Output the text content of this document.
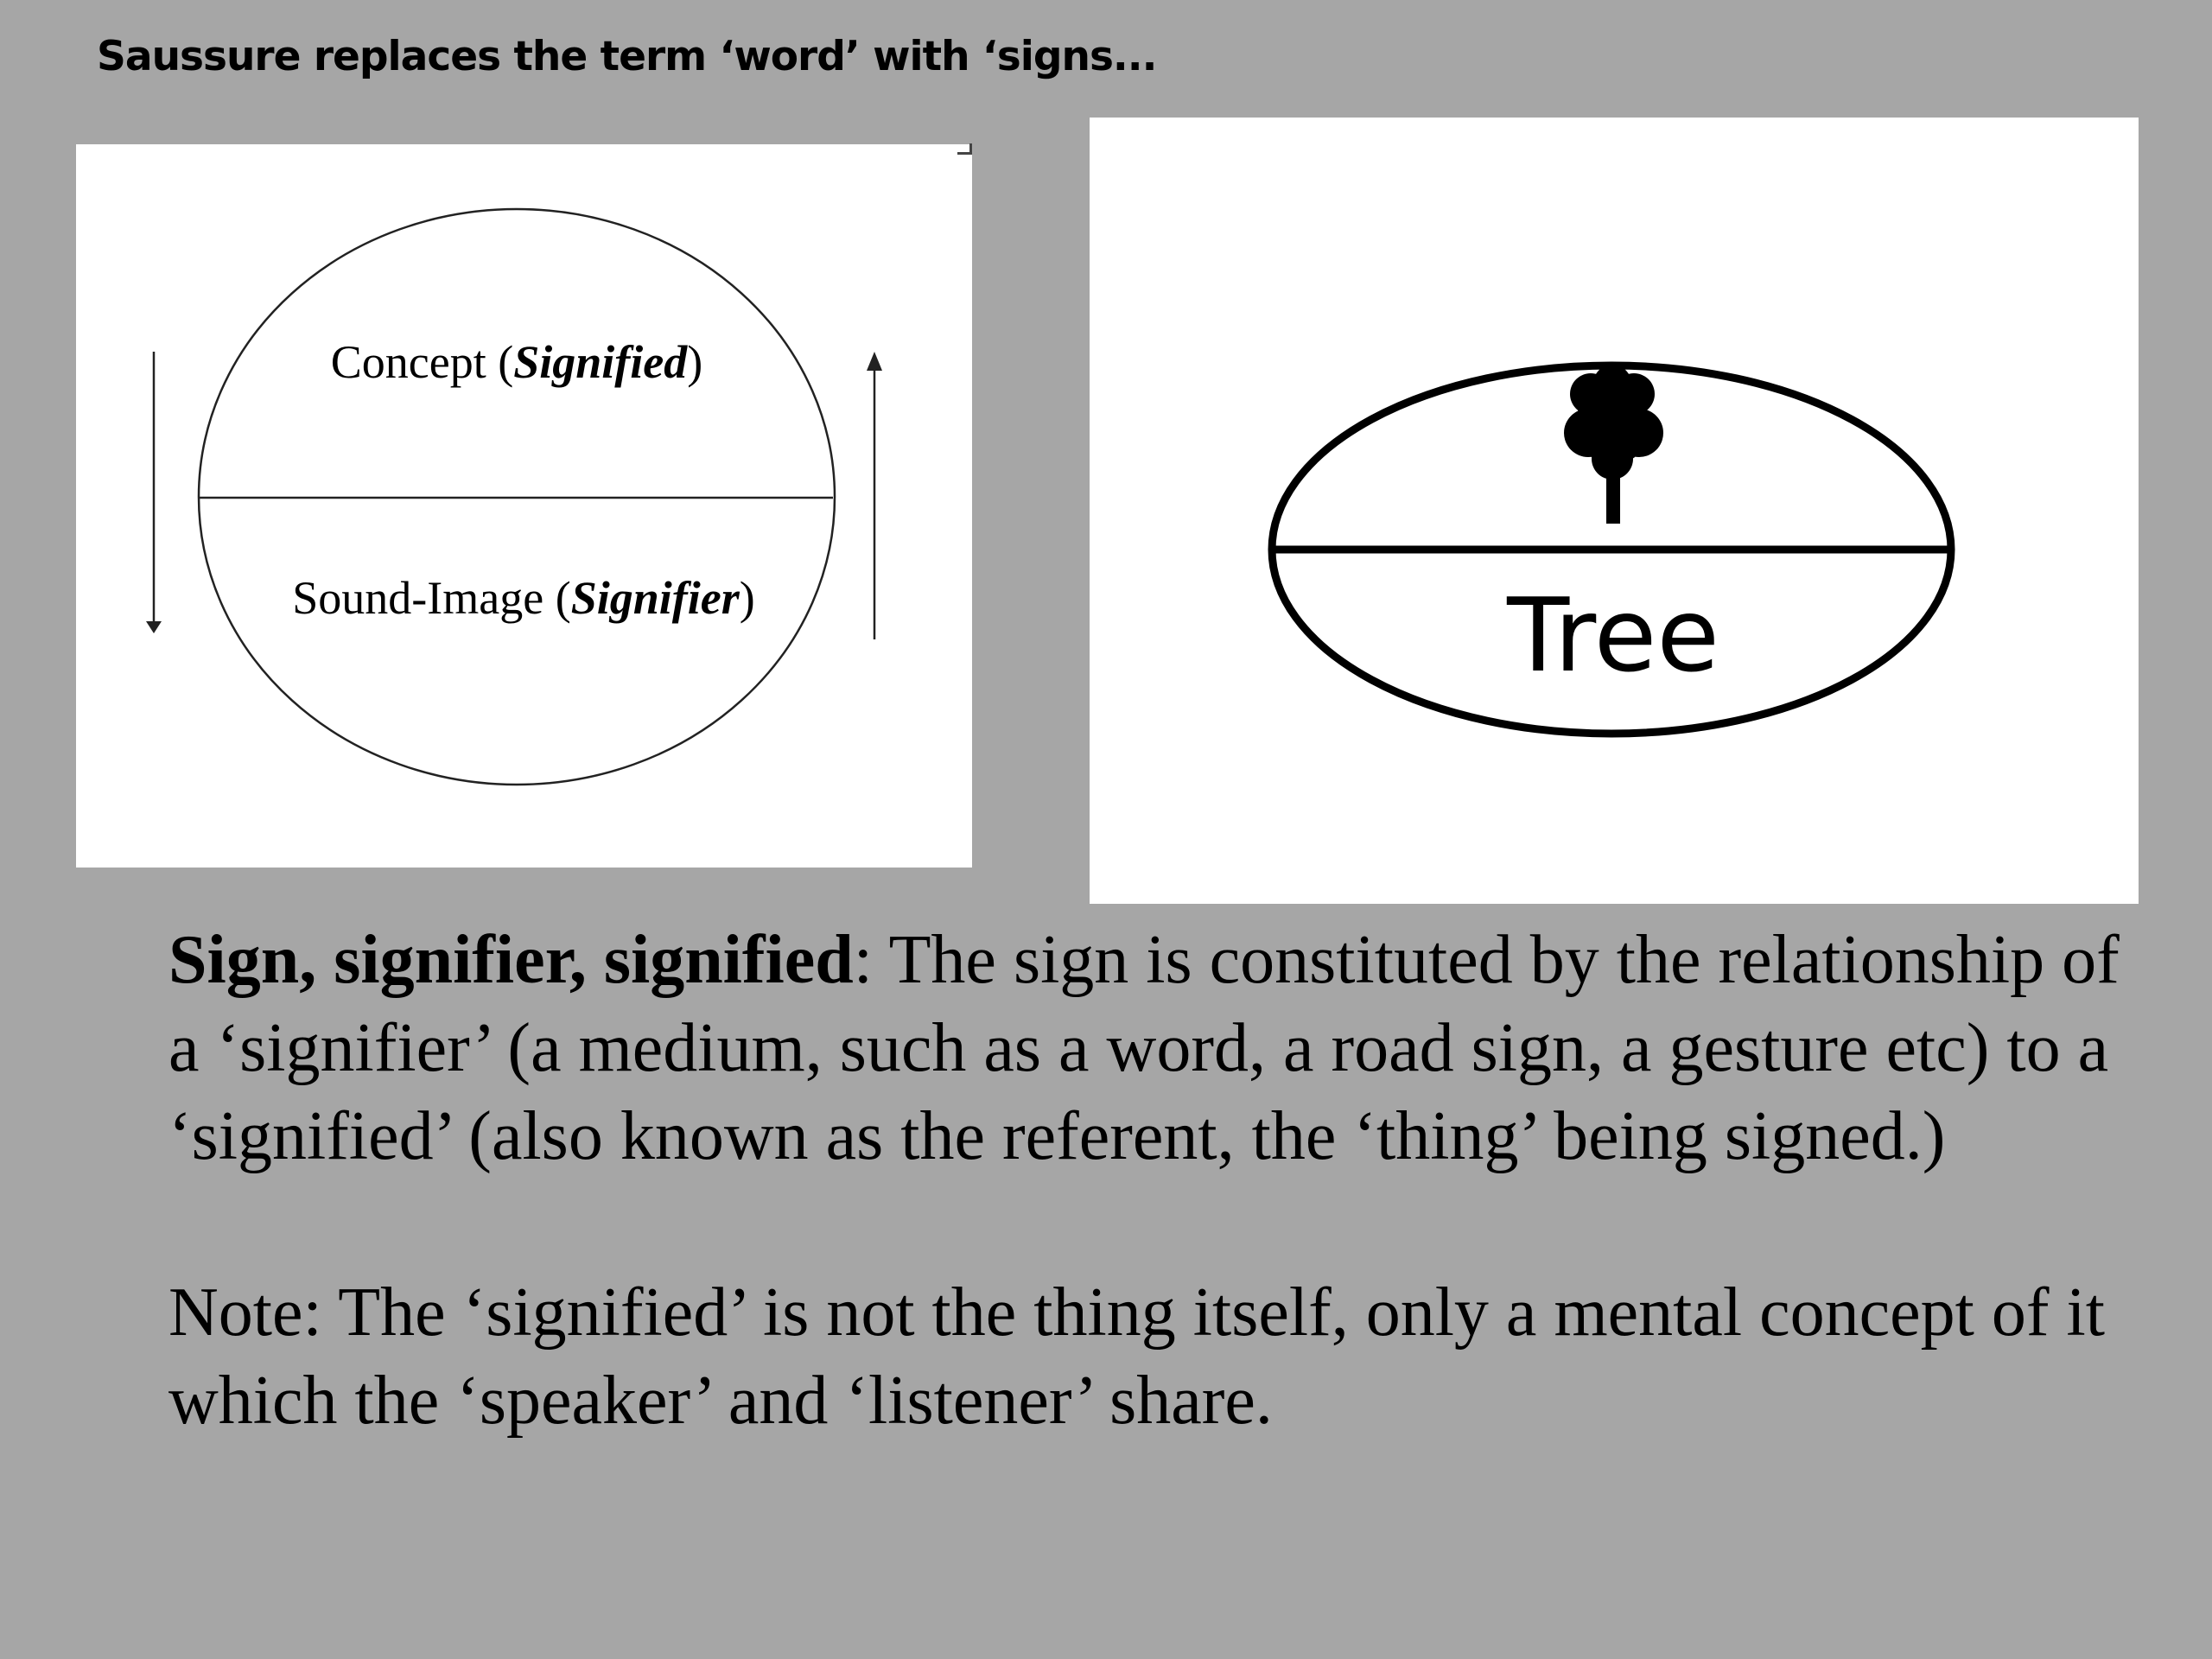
Saussure replaces the term ‘word’ with ‘signs...
Concept (Signified)
Sound-Image (Signifier)	Tree

Sign, signifier, signified: The sign is constituted by the relationship of a ‘signifier’ (a medium, such as a word, a road sign, a gesture etc) to a ‘signified’ (also known as the referent, the ‘thing’ being signed.)

Note: The ‘signified’ is not the thing itself, only a mental concept of it which the ‘speaker’ and ‘listener’ share.
